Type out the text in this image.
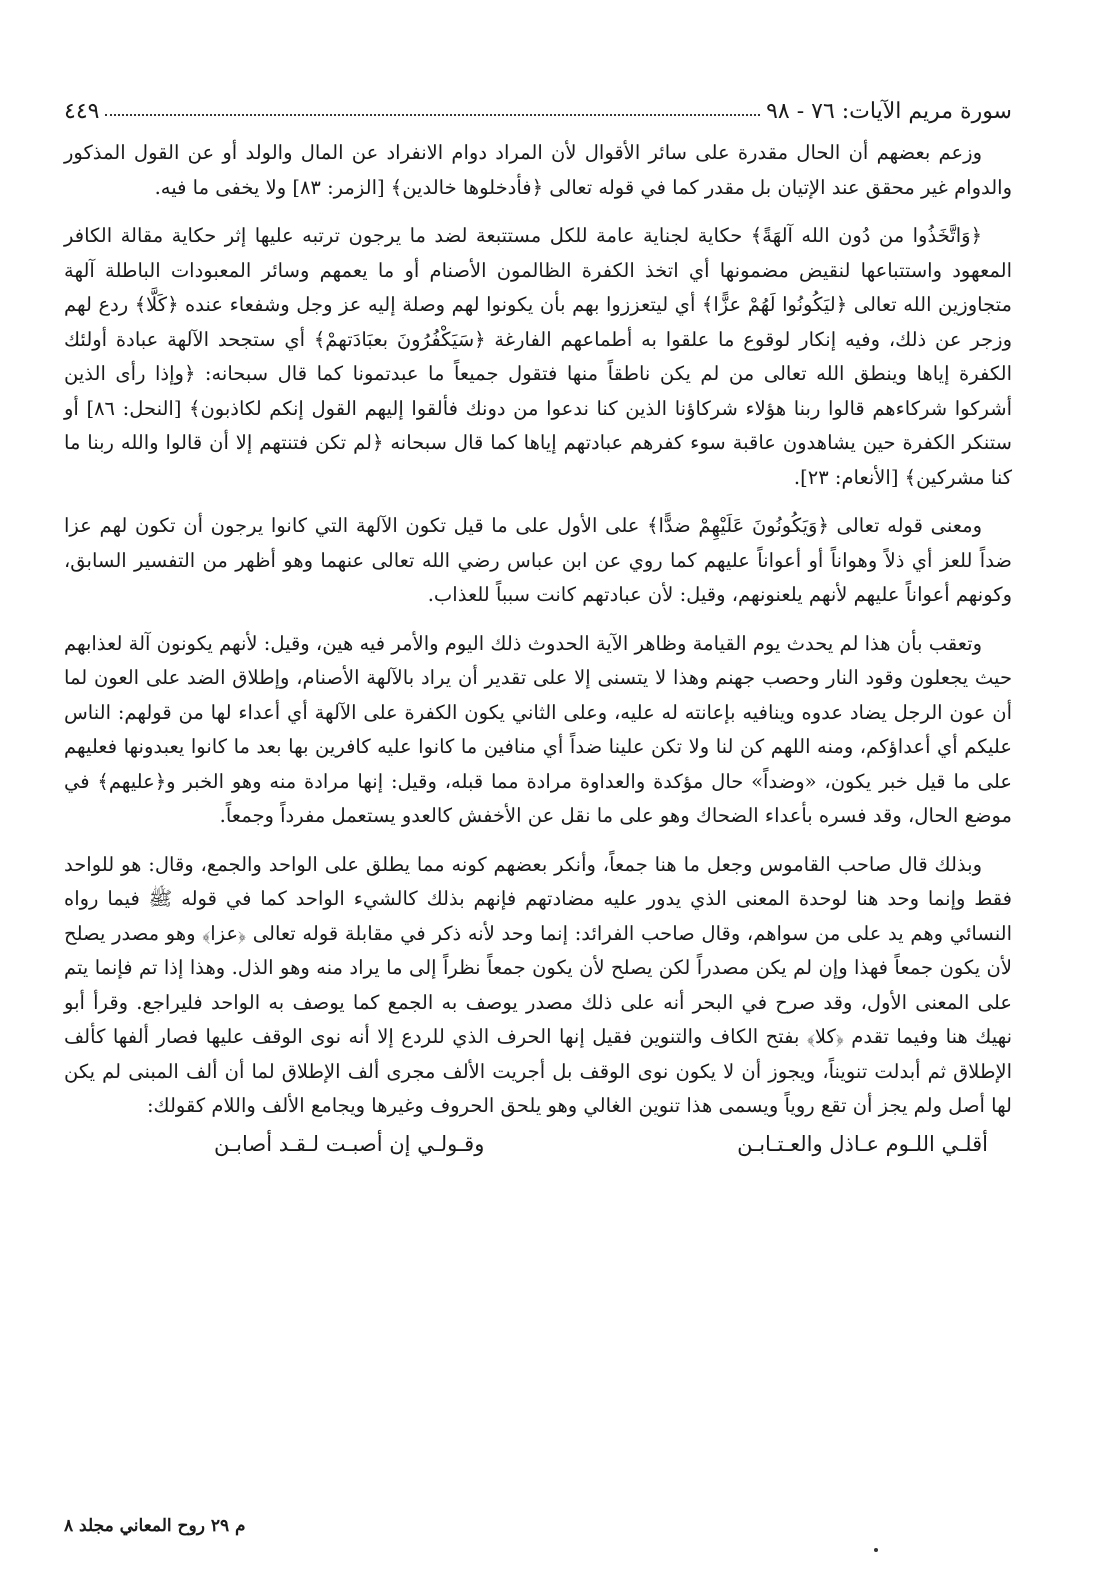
سورة مريم الآيات: ٧٦ - ٩٨
٤٤٩

وزعم بعضهم أن الحال مقدرة على سائر الأقوال لأن المراد دوام الانفراد عن المال والولد أو عن القول المذكور والدوام غير محقق عند الإتيان بل مقدر كما في قوله تعالى ﴿فأدخلوها خالدين﴾ [الزمر: ٨٣] ولا يخفى ما فيه.

﴿وَاتَّخَذُوا من دُون الله آلهَةً﴾ حكاية لجناية عامة للكل مستتبعة لضد ما يرجون ترتبه عليها إثر حكاية مقالة الكافر المعهود واستتباعها لنقيض مضمونها أي اتخذ الكفرة الظالمون الأصنام أو ما يعمهم وسائر المعبودات الباطلة آلهة متجاوزين الله تعالى ﴿ليَكُونُوا لَهُمْ عزًّا﴾ أي ليتعززوا بهم بأن يكونوا لهم وصلة إليه عز وجل وشفعاء عنده ﴿كَلَّا﴾ ردع لهم وزجر عن ذلك، وفيه إنكار لوقوع ما علقوا به أطماعهم الفارغة ﴿سَيَكْفُرُونَ بعبَادَتهمْ﴾ أي ستجحد الآلهة عبادة أولئك الكفرة إياها وينطق الله تعالى من لم يكن ناطقاً منها فتقول جميعاً ما عبدتمونا كما قال سبحانه: ﴿وإذا رأى الذين أشركوا شركاءهم قالوا ربنا هؤلاء شركاؤنا الذين كنا ندعوا من دونك فألقوا إليهم القول إنكم لكاذبون﴾ [النحل: ٨٦] أو ستنكر الكفرة حين يشاهدون عاقبة سوء كفرهم عبادتهم إياها كما قال سبحانه ﴿لم تكن فتنتهم إلا أن قالوا والله ربنا ما كنا مشركين﴾ [الأنعام: ٢٣].

ومعنى قوله تعالى ﴿وَيَكُونُونَ عَلَيْهِمْ ضدًّا﴾ على الأول على ما قيل تكون الآلهة التي كانوا يرجون أن تكون لهم عزا ضداً للعز أي ذلاً وهواناً أو أعواناً عليهم كما روي عن ابن عباس رضي الله تعالى عنهما وهو أظهر من التفسير السابق، وكونهم أعواناً عليهم لأنهم يلعنونهم، وقيل: لأن عبادتهم كانت سبباً للعذاب.

وتعقب بأن هذا لم يحدث يوم القيامة وظاهر الآية الحدوث ذلك اليوم والأمر فيه هين، وقيل: لأنهم يكونون آلة لعذابهم حيث يجعلون وقود النار وحصب جهنم وهذا لا يتسنى إلا على تقدير أن يراد بالآلهة الأصنام، وإطلاق الضد على العون لما أن عون الرجل يضاد عدوه وينافيه بإعانته له عليه، وعلى الثاني يكون الكفرة على الآلهة أي أعداء لها من قولهم: الناس عليكم أي أعداؤكم، ومنه اللهم كن لنا ولا تكن علينا ضداً أي منافين ما كانوا عليه كافرين بها بعد ما كانوا يعبدونها فعليهم على ما قيل خبر يكون، «وضداً» حال مؤكدة والعداوة مرادة مما قبله، وقيل: إنها مرادة منه وهو الخبر و﴿عليهم﴾ في موضع الحال، وقد فسره بأعداء الضحاك وهو على ما نقل عن الأخفش كالعدو يستعمل مفرداً وجمعاً.

وبذلك قال صاحب القاموس وجعل ما هنا جمعاً، وأنكر بعضهم كونه مما يطلق على الواحد والجمع، وقال: هو للواحد فقط وإنما وحد هنا لوحدة المعنى الذي يدور عليه مضادتهم فإنهم بذلك كالشيء الواحد كما في قوله ﷺ فيما رواه النسائي وهم يد على من سواهم، وقال صاحب الفرائد: إنما وحد لأنه ذكر في مقابلة قوله تعالى ﴿عزا﴾ وهو مصدر يصلح لأن يكون جمعاً فهذا وإن لم يكن مصدراً لكن يصلح لأن يكون جمعاً نظراً إلى ما يراد منه وهو الذل. وهذا إذا تم فإنما يتم على المعنى الأول، وقد صرح في البحر أنه على ذلك مصدر يوصف به الجمع كما يوصف به الواحد فليراجع. وقرأ أبو نهيك هنا وفيما تقدم ﴿كلا﴾ بفتح الكاف والتنوين فقيل إنها الحرف الذي للردع إلا أنه نوى الوقف عليها فصار ألفها كألف الإطلاق ثم أبدلت تنويناً، ويجوز أن لا يكون نوى الوقف بل أجريت الألف مجرى ألف الإطلاق لما أن ألف المبنى لم يكن لها أصل ولم يجز أن تقع روياً ويسمى هذا تنوين الغالي وهو يلحق الحروف وغيرها ويجامع الألف واللام كقولك:

أقلـي اللـوم عـاذل والعـتـابـن
وقـولـي إن أصبـت لـقـد أصابـن
م ٢٩ روح المعاني مجلد ٨
